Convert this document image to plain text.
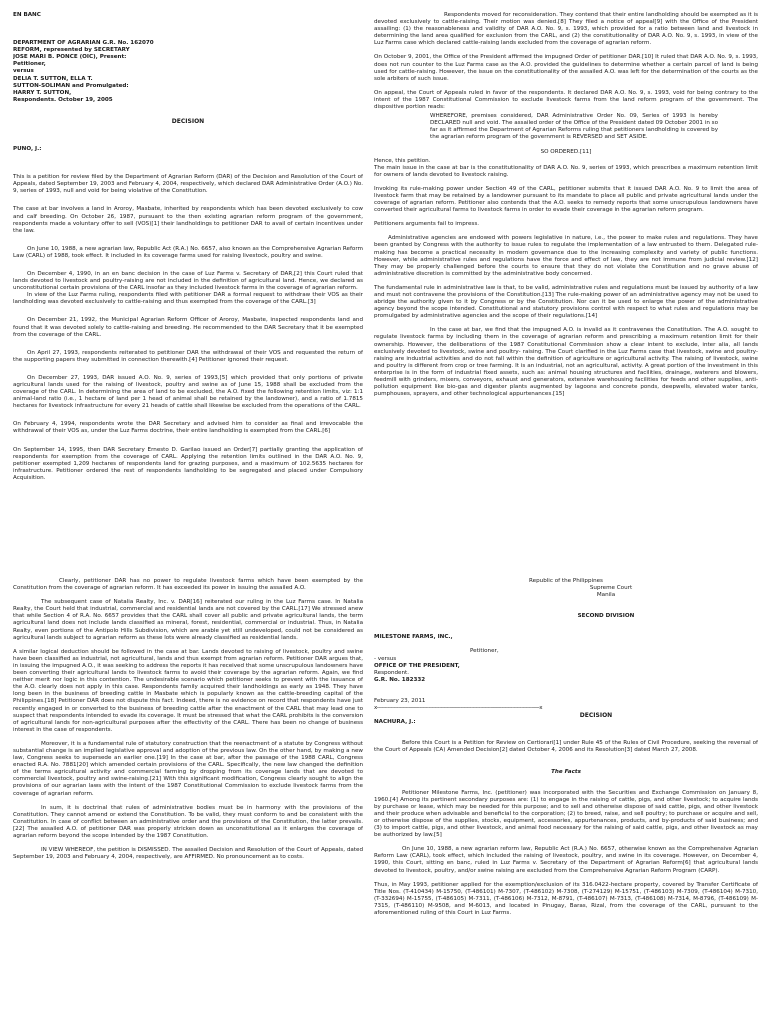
EN BANC

DEPARTMENT OF AGRARIAN G.R. No. 162070

REFORM, represented by SECRETARY

JOSE MARI B. PONCE (OIC), Present:

Petitioner,

versus

DELIA T. SUTTON, ELLA T.

SUTTON-SOLIMAN and Promulgated:

HARRY T. SUTTON,

Respondents. October 19, 2005

DECISION

PUNO, J.:

This is a petition for review filed by the Department of Agrarian Reform (DAR) of the Decision and Resolution of the Court of Appeals, dated September 19, 2003 and February 4, 2004, respectively, which declared DAR Administrative Order (A.O.) No. 9, series of 1993, null and void for being violative of the Constitution.

The case at bar involves a land in Aroroy, Masbate, inherited by respondents which has been devoted exclusively to cow and calf breeding. On October 26, 1987, pursuant to the then existing agrarian reform program of the government, respondents made a voluntary offer to sell (VOS)[1] their landholdings to petitioner DAR to avail of certain incentives under the law.

On June 10, 1988, a new agrarian law, Republic Act (R.A.) No. 6657, also known as the Comprehensive Agrarian Reform Law (CARL) of 1988, took effect. It included in its coverage farms used for raising livestock, poultry and swine.

On December 4, 1990, in an en banc decision in the case of Luz Farms v. Secretary of DAR,[2] this Court ruled that lands devoted to livestock and poultry-raising are not included in the definition of agricultural land. Hence, we declared as unconstitutional certain provisions of the CARL insofar as they included livestock farms in the coverage of agrarian reform.

In view of the Luz Farms ruling, respondents filed with petitioner DAR a formal request to withdraw their VOS as their landholding was devoted exclusively to cattle-raising and thus exempted from the coverage of the CARL.[3]

On December 21, 1992, the Municipal Agrarian Reform Officer of Aroroy, Masbate, inspected respondents land and found that it was devoted solely to cattle-raising and breeding. He recommended to the DAR Secretary that it be exempted from the coverage of the CARL.

On April 27, 1993, respondents reiterated to petitioner DAR the withdrawal of their VOS and requested the return of the supporting papers they submitted in connection therewith.[4] Petitioner ignored their request.

On December 27, 1993, DAR issued A.O. No. 9, series of 1993,[5] which provided that only portions of private agricultural lands used for the raising of livestock, poultry and swine as of June 15, 1988 shall be excluded from the coverage of the CARL. In determining the area of land to be excluded, the A.O. fixed the following retention limits, viz: 1:1 animal-land ratio (i.e., 1 hectare of land per 1 head of animal shall be retained by the landowner), and a ratio of 1.7815 hectares for livestock infrastructure for every 21 heads of cattle shall likewise be excluded from the operations of the CARL.

On February 4, 1994, respondents wrote the DAR Secretary and advised him to consider as final and irrevocable the withdrawal of their VOS as, under the Luz Farms doctrine, their entire landholding is exempted from the CARL.[6]

On September 14, 1995, then DAR Secretary Ernesto D. Garilao issued an Order[7] partially granting the application of respondents for exemption from the coverage of CARL. Applying the retention limits outlined in the DAR A.O. No. 9, petitioner exempted 1,209 hectares of respondents land for grazing purposes, and a maximum of 102.5635 hectares for infrastructure. Petitioner ordered the rest of respondents landholding to be segregated and placed under Compulsory Acquisition.

Respondents moved for reconsideration. They contend that their entire landholding should be exempted as it is devoted exclusively to cattle-raising. Their motion was denied.[8] They filed a notice of appeal[9] with the Office of the President assailing: (1) the reasonableness and validity of DAR A.O. No. 9, s. 1993, which provided for a ratio between land and livestock in determining the land area qualified for exclusion from the CARL, and (2) the constitutionality of DAR A.O. No. 9, s. 1993, in view of the Luz Farms case which declared cattle-raising lands excluded from the coverage of agrarian reform.

On October 9, 2001, the Office of the President affirmed the impugned Order of petitioner DAR.[10] It ruled that DAR A.O. No. 9, s. 1993, does not run counter to the Luz Farms case as the A.O. provided the guidelines to determine whether a certain parcel of land is being used for cattle-raising. However, the issue on the constitutionality of the assailed A.O. was left for the determination of the courts as the sole arbiters of such issue.

On appeal, the Court of Appeals ruled in favor of the respondents. It declared DAR A.O. No. 9, s. 1993, void for being contrary to the intent of the 1987 Constitutional Commission to exclude livestock farms from the land reform program of the government. The dispositive portion reads:

WHEREFORE, premises considered, DAR Administrative Order No. 09, Series of 1993 is hereby DECLARED null and void. The assailed order of the Office of the President dated 09 October 2001 in so far as it affirmed the Department of Agrarian Reforms ruling that petitioners landholding is covered by the agrarian reform program of the government is REVERSED and SET ASIDE.

SO ORDERED.[11]

Hence, this petition.

The main issue in the case at bar is the constitutionality of DAR A.O. No. 9, series of 1993, which prescribes a maximum retention limit for owners of lands devoted to livestock raising.

Invoking its rule-making power under Section 49 of the CARL, petitioner submits that it issued DAR A.O. No. 9 to limit the area of livestock farm that may be retained by a landowner pursuant to its mandate to place all public and private agricultural lands under the coverage of agrarian reform. Petitioner also contends that the A.O. seeks to remedy reports that some unscrupulous landowners have converted their agricultural farms to livestock farms in order to evade their coverage in the agrarian reform program.

Petitioners arguments fail to impress.

Administrative agencies are endowed with powers legislative in nature, i.e., the power to make rules and regulations. They have been granted by Congress with the authority to issue rules to regulate the implementation of a law entrusted to them. Delegated rule-making has become a practical necessity in modern governance due to the increasing complexity and variety of public functions. However, while administrative rules and regulations have the force and effect of law, they are not immune from judicial review.[12] They may be properly challenged before the courts to ensure that they do not violate the Constitution and no grave abuse of administrative discretion is committed by the administrative body concerned.

The fundamental rule in administrative law is that, to be valid, administrative rules and regulations must be issued by authority of a law and must not contravene the provisions of the Constitution.[13] The rule-making power of an administrative agency may not be used to abridge the authority given to it by Congress or by the Constitution. Nor can it be used to enlarge the power of the administrative agency beyond the scope intended. Constitutional and statutory provisions control with respect to what rules and regulations may be promulgated by administrative agencies and the scope of their regulations.[14]

In the case at bar, we find that the impugned A.O. is invalid as it contravenes the Constitution. The A.O. sought to regulate livestock farms by including them in the coverage of agrarian reform and prescribing a maximum retention limit for their ownership. However, the deliberations of the 1987 Constitutional Commission show a clear intent to exclude, inter alia, all lands exclusively devoted to livestock, swine and poultry- raising. The Court clarified in the Luz Farms case that livestock, swine and poultry-raising are industrial activities and do not fall within the definition of agriculture or agricultural activity. The raising of livestock, swine and poultry is different from crop or tree farming. It is an industrial, not an agricultural, activity. A great portion of the investment in this enterprise is in the form of industrial fixed assets, such as: animal housing structures and facilities, drainage, waterers and blowers, feedmill with grinders, mixers, conveyors, exhaust and generators, extensive warehousing facilities for feeds and other supplies, anti-pollution equipment like bio-gas and digester plants augmented by lagoons and concrete ponds, deepwells, elevated water tanks, pumphouses, sprayers, and other technological appurtenances.[15]

Clearly, petitioner DAR has no power to regulate livestock farms which have been exempted by the Constitution from the coverage of agrarian reform. It has exceeded its power in issuing the assailed A.O.

The subsequent case of Natalia Realty, Inc. v. DAR[16] reiterated our ruling in the Luz Farms case. In Natalia Realty, the Court held that industrial, commercial and residential lands are not covered by the CARL.[17] We stressed anew that while Section 4 of R.A. No. 6657 provides that the CARL shall cover all public and private agricultural lands, the term agricultural land does not include lands classified as mineral, forest, residential, commercial or industrial. Thus, in Natalia Realty, even portions of the Antipolo Hills Subdivision, which are arable yet still undeveloped, could not be considered as agricultural lands subject to agrarian reform as these lots were already classified as residential lands.

A similar logical deduction should be followed in the case at bar. Lands devoted to raising of livestock, poultry and swine have been classified as industrial, not agricultural, lands and thus exempt from agrarian reform. Petitioner DAR argues that, in issuing the impugned A.O., it was seeking to address the reports it has received that some unscrupulous landowners have been converting their agricultural lands to livestock farms to avoid their coverage by the agrarian reform. Again, we find neither merit nor logic in this contention. The undesirable scenario which petitioner seeks to prevent with the issuance of the A.O. clearly does not apply in this case. Respondents family acquired their landholdings as early as 1948. They have long been in the business of breeding cattle in Masbate which is popularly known as the cattle-breeding capital of the Philippines.[18] Petitioner DAR does not dispute this fact. Indeed, there is no evidence on record that respondents have just recently engaged in or converted to the business of breeding cattle after the enactment of the CARL that may lead one to suspect that respondents intended to evade its coverage. It must be stressed that what the CARL prohibits is the conversion of agricultural lands for non-agricultural purposes after the effectivity of the CARL. There has been no change of business interest in the case of respondents.

Moreover, it is a fundamental rule of statutory construction that the reenactment of a statute by Congress without substantial change is an implied legislative approval and adoption of the previous law. On the other hand, by making a new law, Congress seeks to supersede an earlier one.[19] In the case at bar, after the passage of the 1988 CARL, Congress enacted R.A. No. 7881[20] which amended certain provisions of the CARL. Specifically, the new law changed the definition of the terms agricultural activity and commercial farming by dropping from its coverage lands that are devoted to commercial livestock, poultry and swine-raising.[21] With this significant modification, Congress clearly sought to align the provisions of our agrarian laws with the intent of the 1987 Constitutional Commission to exclude livestock farms from the coverage of agrarian reform.

In sum, it is doctrinal that rules of administrative bodies must be in harmony with the provisions of the Constitution. They cannot amend or extend the Constitution. To be valid, they must conform to and be consistent with the Constitution. In case of conflict between an administrative order and the provisions of the Constitution, the latter prevails.[22] The assailed A.O. of petitioner DAR was properly stricken down as unconstitutional as it enlarges the coverage of agrarian reform beyond the scope intended by the 1987 Constitution.

IN VIEW WHEREOF, the petition is DISMISSED. The assailed Decision and Resolution of the Court of Appeals, dated September 19, 2003 and February 4, 2004, respectively, are AFFIRMED. No pronouncement as to costs.

Republic of the Philippines

Supreme Court

Manila

SECOND DIVISION

MILESTONE FARMS, INC.,

Petitioner,

- versus

OFFICE OF THE PRESIDENT,

Respondent.

G.R. No. 182332

February 23, 2011

x-----------------------------------------------------------------------------------------------------------x

DECISION

NACHURA, J.:

Before this Court is a Petition for Review on Certiorari[1] under Rule 45 of the Rules of Civil Procedure, seeking the reversal of the Court of Appeals (CA) Amended Decision[2] dated October 4, 2006 and its Resolution[3] dated March 27, 2008.

The Facts

Petitioner Milestone Farms, Inc. (petitioner) was incorporated with the Securities and Exchange Commission on January 8, 1960.[4] Among its pertinent secondary purposes are: (1) to engage in the raising of cattle, pigs, and other livestock; to acquire lands by purchase or lease, which may be needed for this purpose; and to sell and otherwise dispose of said cattle, pigs, and other livestock and their produce when advisable and beneficial to the corporation; (2) to breed, raise, and sell poultry; to purchase or acquire and sell, or otherwise dispose of the supplies, stocks, equipment, accessories, appurtenances, products, and by-products of said business; and (3) to import cattle, pigs, and other livestock, and animal food necessary for the raising of said cattle, pigs, and other livestock as may be authorized by law.[5]

On June 10, 1988, a new agrarian reform law, Republic Act (R.A.) No. 6657, otherwise known as the Comprehensive Agrarian Reform Law (CARL), took effect, which included the raising of livestock, poultry, and swine in its coverage. However, on December 4, 1990, this Court, sitting en banc, ruled in Luz Farms v. Secretary of the Department of Agrarian Reform[6] that agricultural lands devoted to livestock, poultry, and/or swine raising are excluded from the Comprehensive Agrarian Reform Program (CARP).

Thus, in May 1993, petitioner applied for the exemption/exclusion of its 316.0422-hectare property, covered by Transfer Certificate of Title Nos. (T-410434) M-15750, (T-486101) M-7307, (T-486102) M-7308, (T-274129) M-15751, (T-486103) M-7309, (T-486104) M-7310, (T-332694) M-15755, (T-486105) M-7311, (T-486106) M-7312, M-8791, (T-486107) M-7313, (T-486108) M-7314, M-8796, (T-486109) M-7315, (T-486110) M-9508, and M-6013, and located in Pinugay, Baras, Rizal, from the coverage of the CARL, pursuant to the aforementioned ruling of this Court in Luz Farms.
